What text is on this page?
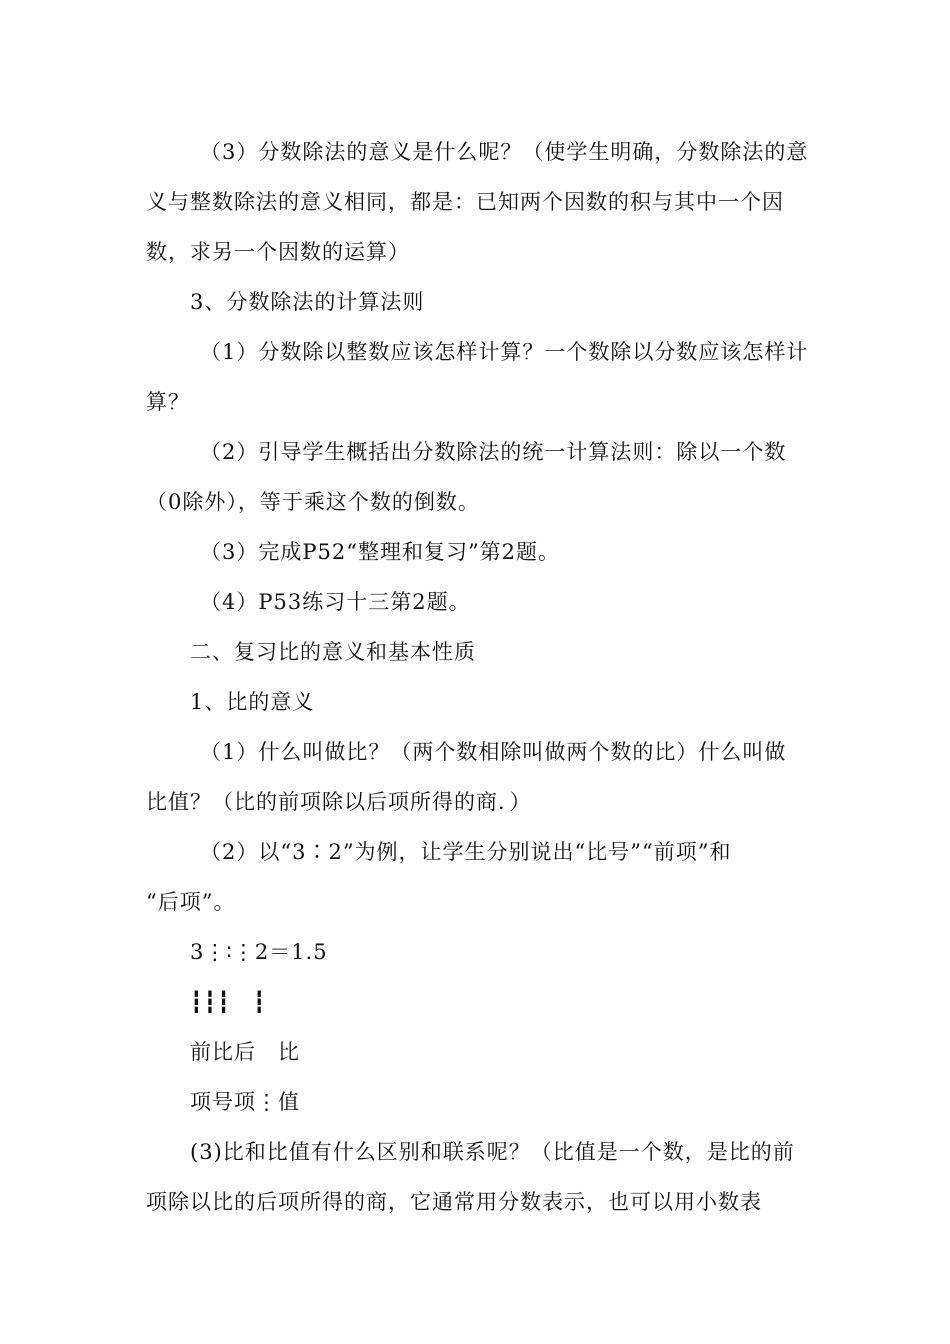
（3）分数除法的意义是什么呢？（使学生明确，分数除法的意
义与整数除法的意义相同，都是：已知两个因数的积与其中一个因
数，求另一个因数的运算）
3、分数除法的计算法则
（1）分数除以整数应该怎样计算？一个数除以分数应该怎样计
算？
（2）引导学生概括出分数除法的统一计算法则：除以一个数
（0除外），等于乘这个数的倒数。
（3）完成P52“整理和复习”第2题。
（4）P53练习十三第2题。
二、复习比的意义和基本性质
1、比的意义
（1）什么叫做比？（两个数相除叫做两个数的比）什么叫做
比值？（比的前项除以后项所得的商．）
（2）以“3∶2”为例，让学生分别说出“比号”“前项”和
“后项”。
3⋮∶⋮2＝1.5
┇┇┇　┇
前比后　比
项号项⋮值
(3)比和比值有什么区别和联系呢？（比值是一个数，是比的前
项除以比的后项所得的商，它通常用分数表示，也可以用小数表
